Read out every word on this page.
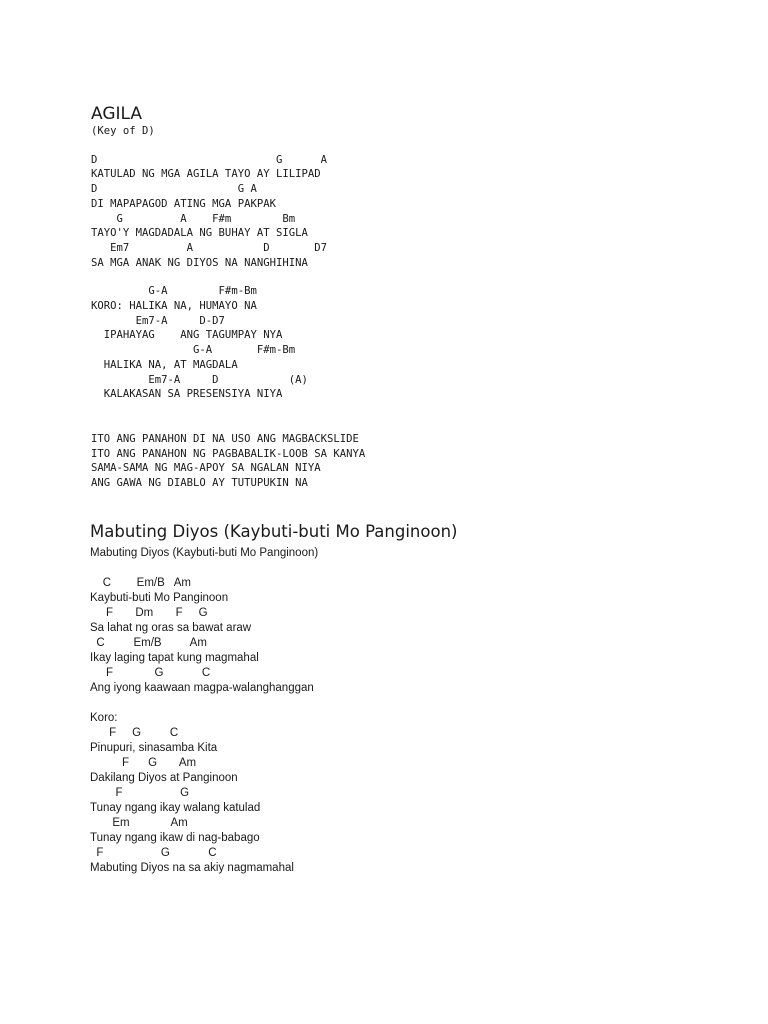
AGILA
(Key of D)
D                            G      A
KATULAD NG MGA AGILA TAYO AY LILIPAD
D                      G A
DI MAPAPAGOD ATING MGA PAKPAK
G         A    F#m        Bm
TAYO'Y MAGDADALA NG BUHAY AT SIGLA
Em7         A           D       D7
SA MGA ANAK NG DIYOS NA NANGHIHINA
G-A        F#m-Bm
KORO: HALIKA NA, HUMAYO NA
Em7-A     D-D7
IPAHAYAG    ANG TAGUMPAY NYA
G-A       F#m-Bm
HALIKA NA, AT MAGDALA
Em7-A     D           (A)
KALAKASAN SA PRESENSIYA NIYA
ITO ANG PANAHON DI NA USO ANG MAGBACKSLIDE
ITO ANG PANAHON NG PAGBABALIK-LOOB SA KANYA
SAMA-SAMA NG MAG-APOY SA NGALAN NIYA
ANG GAWA NG DIABLO AY TUTUPUKIN NA
Mabuting Diyos (Kaybuti-buti Mo Panginoon)
Mabuting Diyos (Kaybuti-buti Mo Panginoon)
C        Em/B   Am
Kaybuti-buti Mo Panginoon
F       Dm       F     G
Sa lahat ng oras sa bawat araw
C         Em/B         Am
Ikay laging tapat kung magmahal
F             G            C
Ang iyong kaawaan magpa-walanghanggan
Koro:
F     G         C
Pinupuri, sinasamba Kita
F      G       Am
Dakilang Diyos at Panginoon
F                  G
Tunay ngang ikay walang katulad
Em             Am
Tunay ngang ikaw di nag-babago
F                  G            C
Mabuting Diyos na sa akiy nagmamahal
